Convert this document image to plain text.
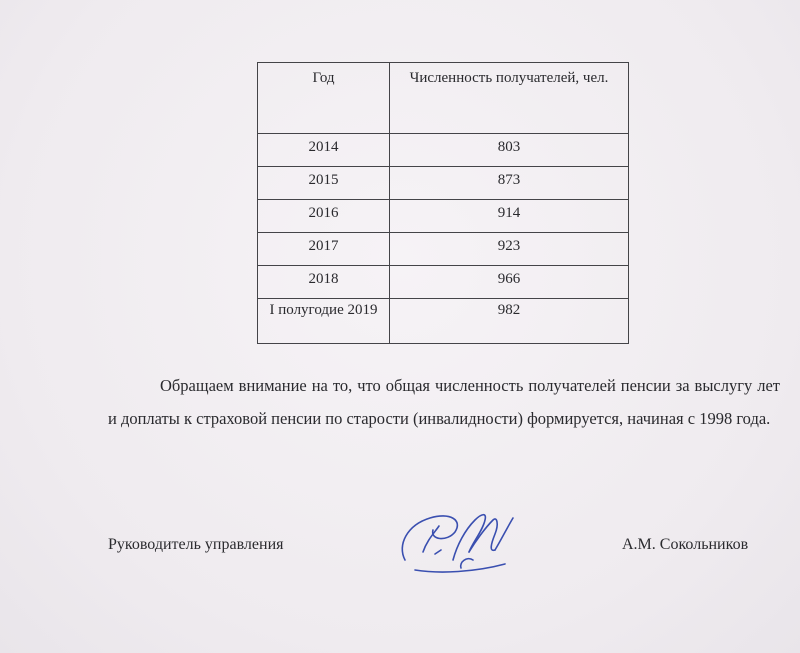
Год	Численность получателей, чел.
2014	803
2015	873
2016	914
2017	923
2018	966
I полугодие 2019	982

Обращаем внимание на то, что общая численность получателей пенсии за выслугу лет и доплаты к страховой пенсии по старости (инвалидности) формируется, начиная с 1998 года.

Руководитель управления	А.М. Сокольников
